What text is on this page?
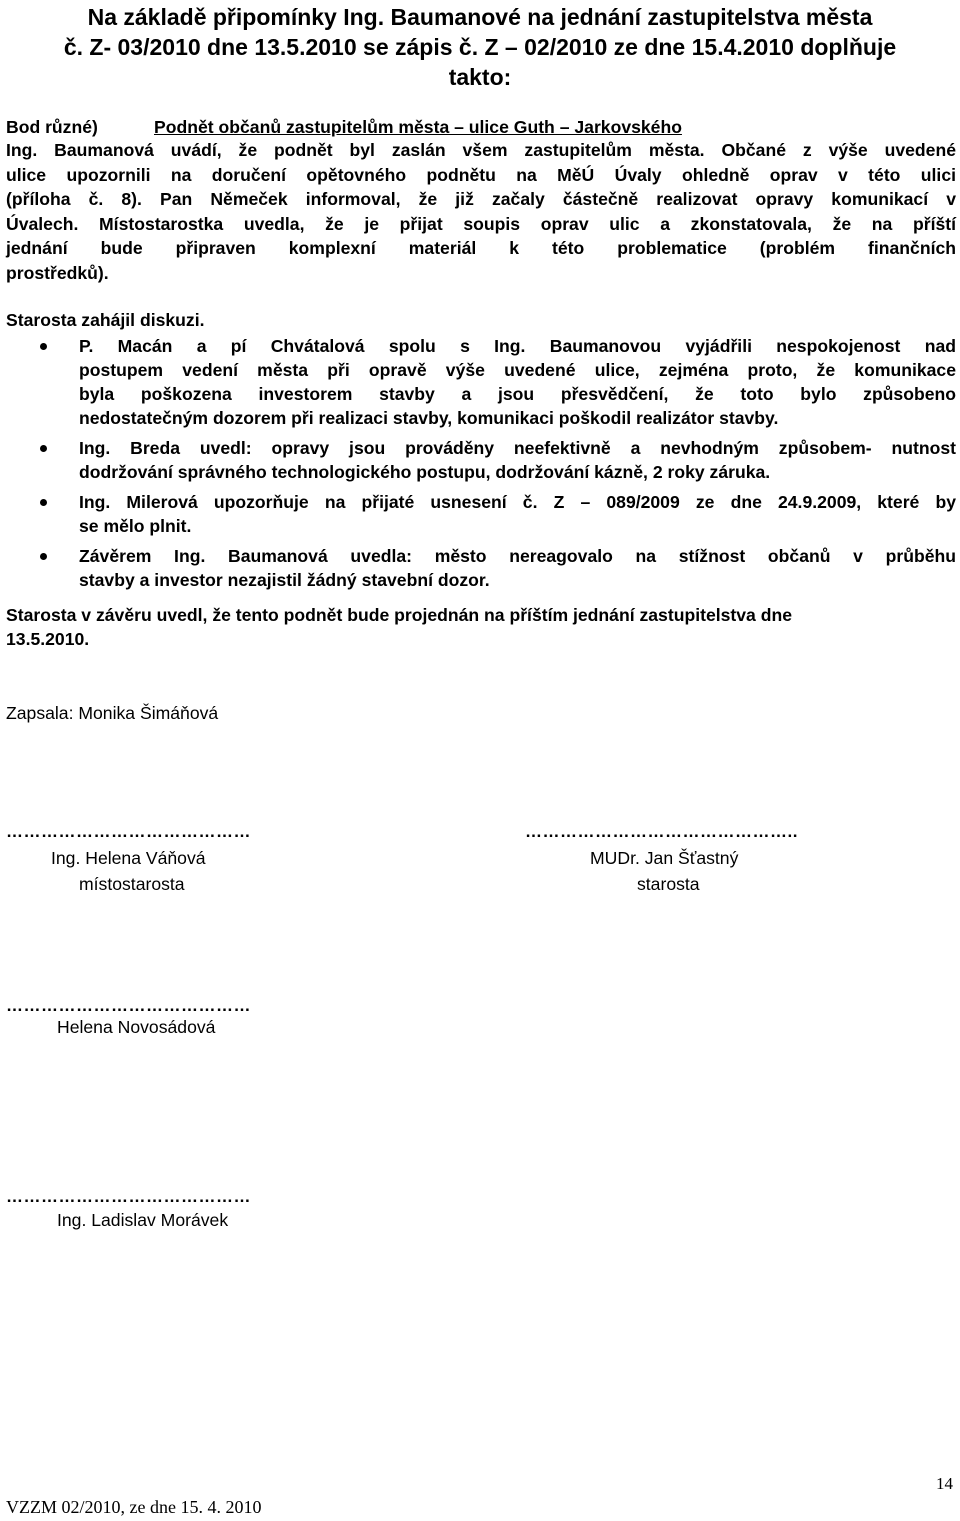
Na základě připomínky Ing. Baumanové na jednání zastupitelstva města
č. Z- 03/2010 dne 13.5.2010 se zápis č. Z – 02/2010 ze dne 15.4.2010 doplňuje
takto:
Bod různé)	Podnět občanů zastupitelům města – ulice Guth – Jarkovského
Ing. Baumanová uvádí, že podnět byl zaslán všem zastupitelům města. Občané z výše uvedené
ulice upozornili na doručení opětovného podnětu na MěÚ Úvaly ohledně oprav v této ulici
(příloha č. 8). Pan Němeček informoval, že již začaly částečně realizovat opravy komunikací v
Úvalech. Místostarostka uvedla, že je přijat soupis oprav ulic a zkonstatovala, že na příští
jednání bude připraven komplexní materiál k této problematice (problém finančních
prostředků).
Starosta zahájil diskuzi.
P. Macán a pí Chvátalová spolu s Ing. Baumanovou vyjádřili nespokojenost nad
postupem vedení města při opravě výše uvedené ulice, zejména proto, že komunikace
byla poškozena investorem stavby a jsou přesvědčení, že toto bylo způsobeno
nedostatečným dozorem při realizaci stavby, komunikaci poškodil realizátor stavby.
Ing. Breda uvedl: opravy jsou prováděny neefektivně a nevhodným způsobem- nutnost
dodržování správného technologického postupu, dodržování kázně, 2 roky záruka.
Ing. Milerová upozorňuje na přijaté usnesení č. Z – 089/2009 ze dne 24.9.2009, které by
se mělo plnit.
Závěrem Ing. Baumanová uvedla: město nereagovalo na stížnost občanů v průběhu
stavby a investor nezajistil žádný stavební dozor.
Starosta v závěru uvedl, že tento podnět bude projednán na příštím jednání zastupitelstva dne
13.5.2010.
Zapsala: Monika Šimáňová
……………………………………	………………………………………..
Ing. Helena Váňová
místostarosta
MUDr. Jan Šťastný
starosta
……………………………………
Helena Novosádová
……………………………………
Ing. Ladislav Morávek
14
VZZM 02/2010, ze dne 15. 4. 2010
